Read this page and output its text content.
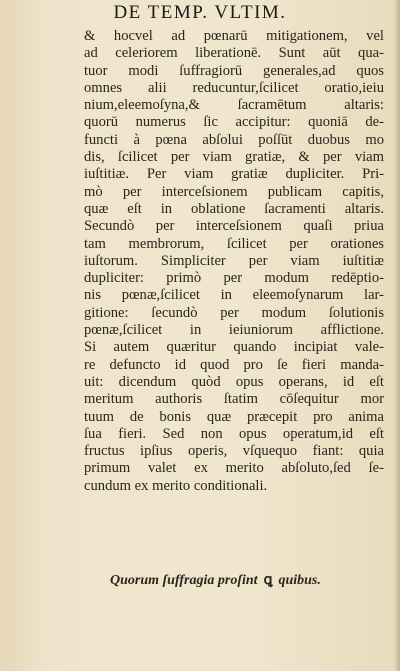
DE TEMP. VLTIM.
& hocvel ad pœnarū mitigationem, vel
ad celeriorem liberationē. Sunt aūt qua-
tuor modi ſuffragiorū generales,ad quos
omnes alii reducuntur,ſcilicet oratio,ieiu
nium,eleemoſyna,& ſacramētum altaris:
quorū numerus ſic accipitur: quoniā de-
functi à pœna abſolui poſſūt duobus mo
dis, ſcilicet per viam gratiæ, & per viam
iuſtitiæ. Per viam gratiæ dupliciter. Pri-
mò per interceſsionem publicam capitis,
quæ eſt in oblatione ſacramenti altaris.
Secundò per interceſsionem quaſi priua
tam membrorum, ſcilicet per orationes
iuſtorum. Simpliciter per viam iuſtitiæ
dupliciter: primò per modum redēptio-
nis pœnæ,ſcilicet in eleemoſynarum lar-
gitione: ſecundò per modum ſolutionis
pœnæ,ſcilicet in ieiuniorum afflictione.
Si autem quæritur quando incipiat vale-
re defuncto id quod pro ſe fieri manda-
uit: dicendum quòd opus operans, id eſt
meritum authoris ſtatim cōſequitur mor
tuum de bonis quæ præcepit pro anima
ſua fieri. Sed non opus operatum,id eſt
fructus ipſius operis, vſquequo fiant: quia
primum valet ex merito abſoluto,ſed ſe-
cundum ex merito conditionali.
Quorum ſuffragia proſint ꝗ quibus.
